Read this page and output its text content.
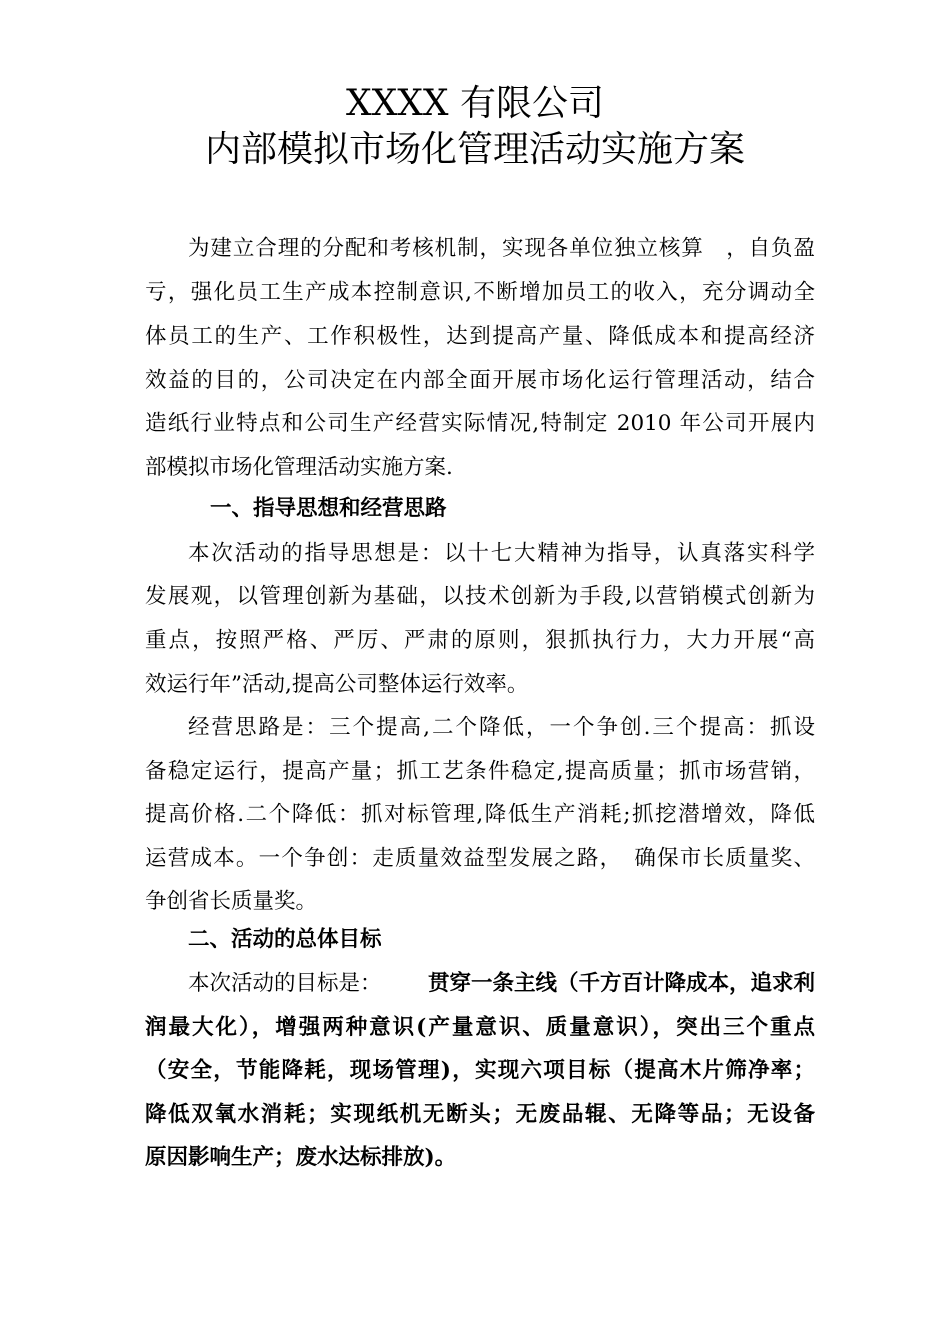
XXXX 有限公司
内部模拟市场化管理活动实施方案
为建立合理的分配和考核机制，实现各单位独立核算　，自负盈
亏，强化员工生产成本控制意识,不断增加员工的收入，充分调动全
体员工的生产、工作积极性，达到提高产量、降低成本和提高经济
效益的目的，公司决定在内部全面开展市场化运行管理活动，结合
造纸行业特点和公司生产经营实际情况,特制定 2010 年公司开展内
部模拟市场化管理活动实施方案.
一、指导思想和经营思路
本次活动的指导思想是：以十七大精神为指导，认真落实科学
发展观，以管理创新为基础，以技术创新为手段,以营销模式创新为
重点，按照严格、严厉、严肃的原则，狠抓执行力，大力开展“高
效运行年”活动,提高公司整体运行效率。
经营思路是：三个提高,二个降低，一个争创.三个提高：抓设
备稳定运行，提高产量；抓工艺条件稳定,提高质量；抓市场营销，
提高价格.二个降低：抓对标管理,降低生产消耗;抓挖潜增效，降低
运营成本。一个争创：走质量效益型发展之路，　确保市长质量奖、
争创省长质量奖。
二、活动的总体目标
本次活动的目标是： 贯穿一条主线（千方百计降成本，追求利
润最大化），增强两种意识(产量意识、质量意识），突出三个重点
（安全，节能降耗，现场管理)，实现六项目标（提高木片筛净率；
降低双氧水消耗；实现纸机无断头；无废品辊、无降等品；无设备
原因影响生产；废水达标排放)。
